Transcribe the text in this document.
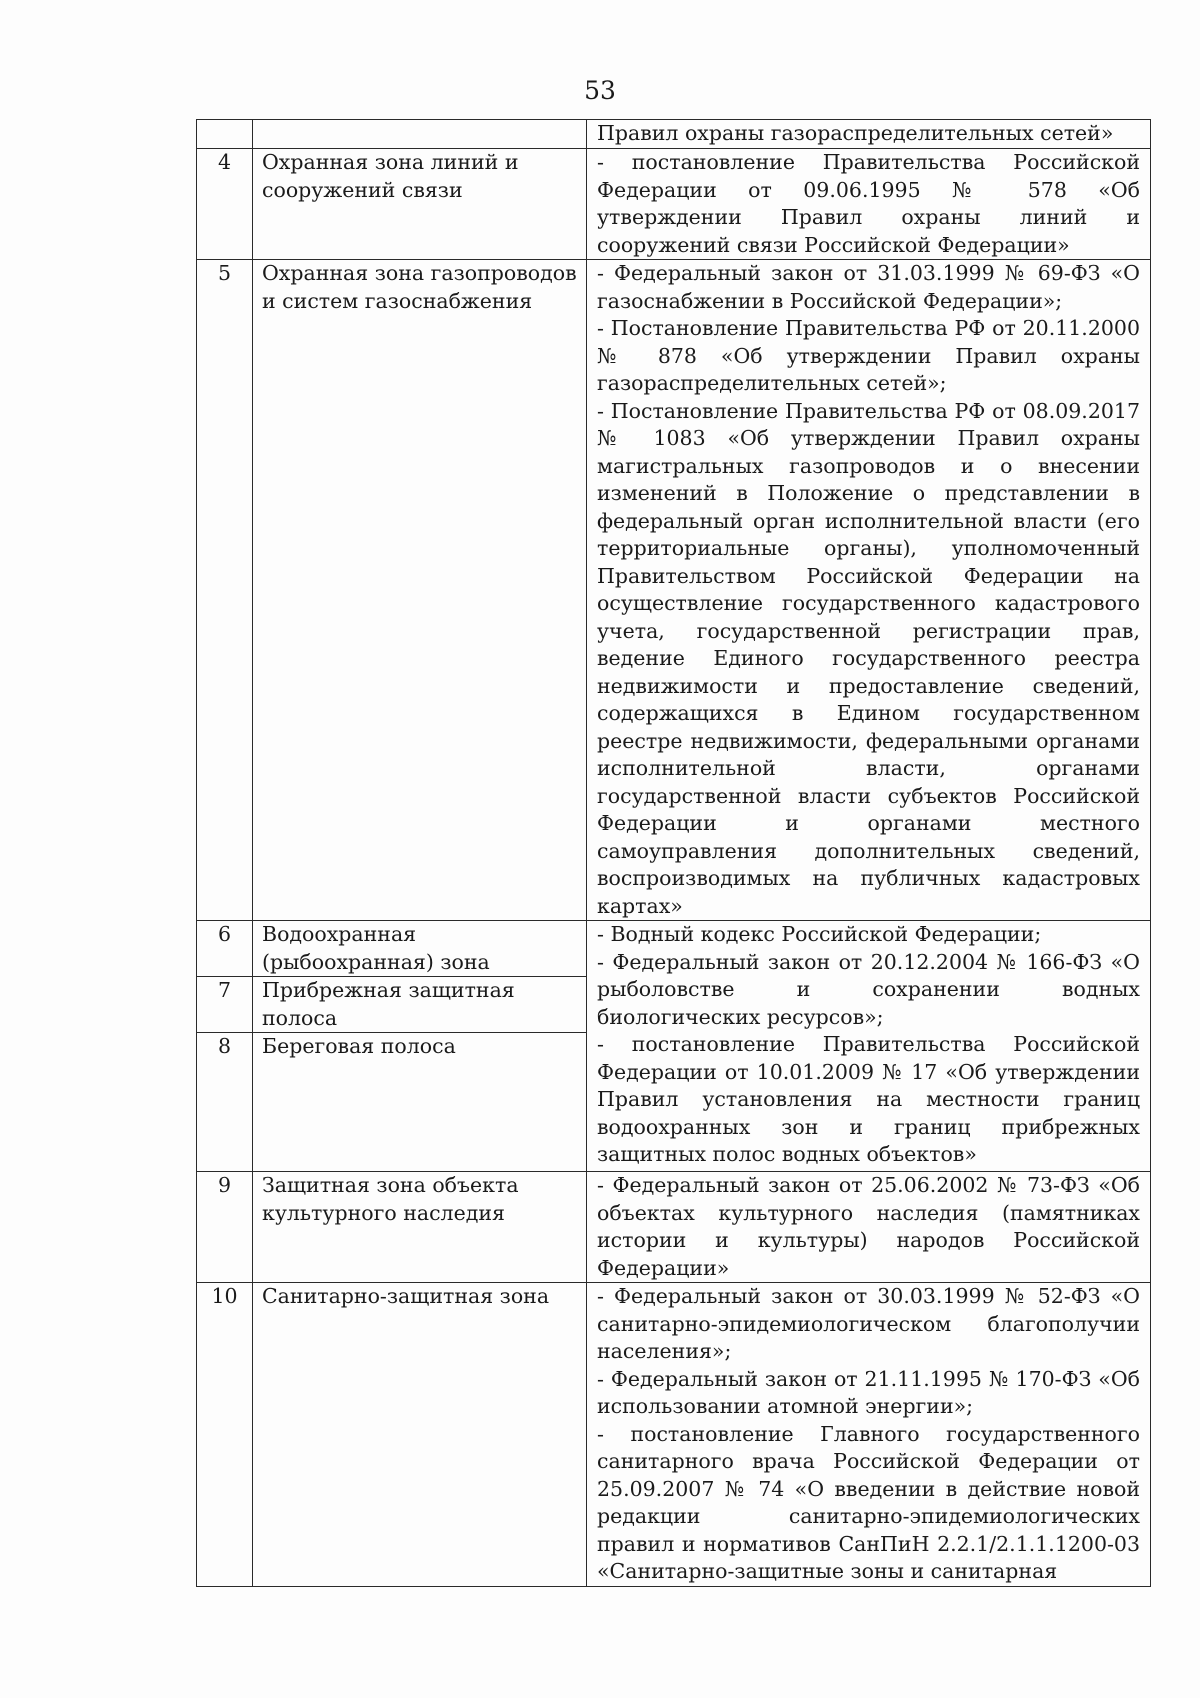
53

		Правил охраны газораспределительных сетей»

4	Охранная зона линий и сооружений связи	- постановление Правительства Российской Федерации от 09.06.1995 № 578 «Об утверждении Правил охраны линий и сооружений связи Российской Федерации»

5	Охранная зона газопроводов и систем газоснабжения	- Федеральный закон от 31.03.1999 № 69-ФЗ «О газоснабжении в Российской Федерации»;

- Постановление Правительства РФ от 20.11.2000 № 878 «Об утверждении Правил охраны газораспределительных сетей»;

- Постановление Правительства РФ от 08.09.2017 № 1083 «Об утверждении Правил охраны магистральных газопроводов и о внесении изменений в Положение о представлении в федеральный орган исполнительной власти (его территориальные органы), уполномоченный Правительством Российской Федерации на осуществление государственного кадастрового учета, государственной регистрации прав, ведение Единого государственного реестра недвижимости и предоставление сведений, содержащихся в Едином государственном реестре недвижимости, федеральными органами исполнительной власти, органами государственной власти субъектов Российской Федерации и органами местного самоуправления дополнительных сведений, воспроизводимых на публичных кадастровых картах»

6	Водоохранная (рыбоохранная) зона	- Водный кодекс Российской Федерации;

- Федеральный закон от 20.12.2004 № 166-ФЗ «О рыболовстве и сохранении водных биологических ресурсов»;

- постановление Правительства Российской Федерации от 10.01.2009 № 17 «Об утверждении Правил установления на местности границ водоохранных зон и границ прибрежных защитных полос водных объектов»

7	Прибрежная защитная полоса	
8	Береговая полоса	
9	Защитная зона объекта культурного наследия	- Федеральный закон от 25.06.2002 № 73-ФЗ «Об объектах культурного наследия (памятниках истории и культуры) народов Российской Федерации»

10	Санитарно-защитная зона	- Федеральный закон от 30.03.1999 № 52-ФЗ «О санитарно-эпидемиологическом благополучии населения»;

- Федеральный закон от 21.11.1995 № 170-ФЗ «Об использовании атомной энергии»;

- постановление Главного государственного санитарного врача Российской Федерации от 25.09.2007 № 74 «О введении в действие новой редакции санитарно-эпидемиологических правил и нормативов СанПиН 2.2.1/2.1.1.1200-03 «Санитарно-защитные зоны и санитарная
